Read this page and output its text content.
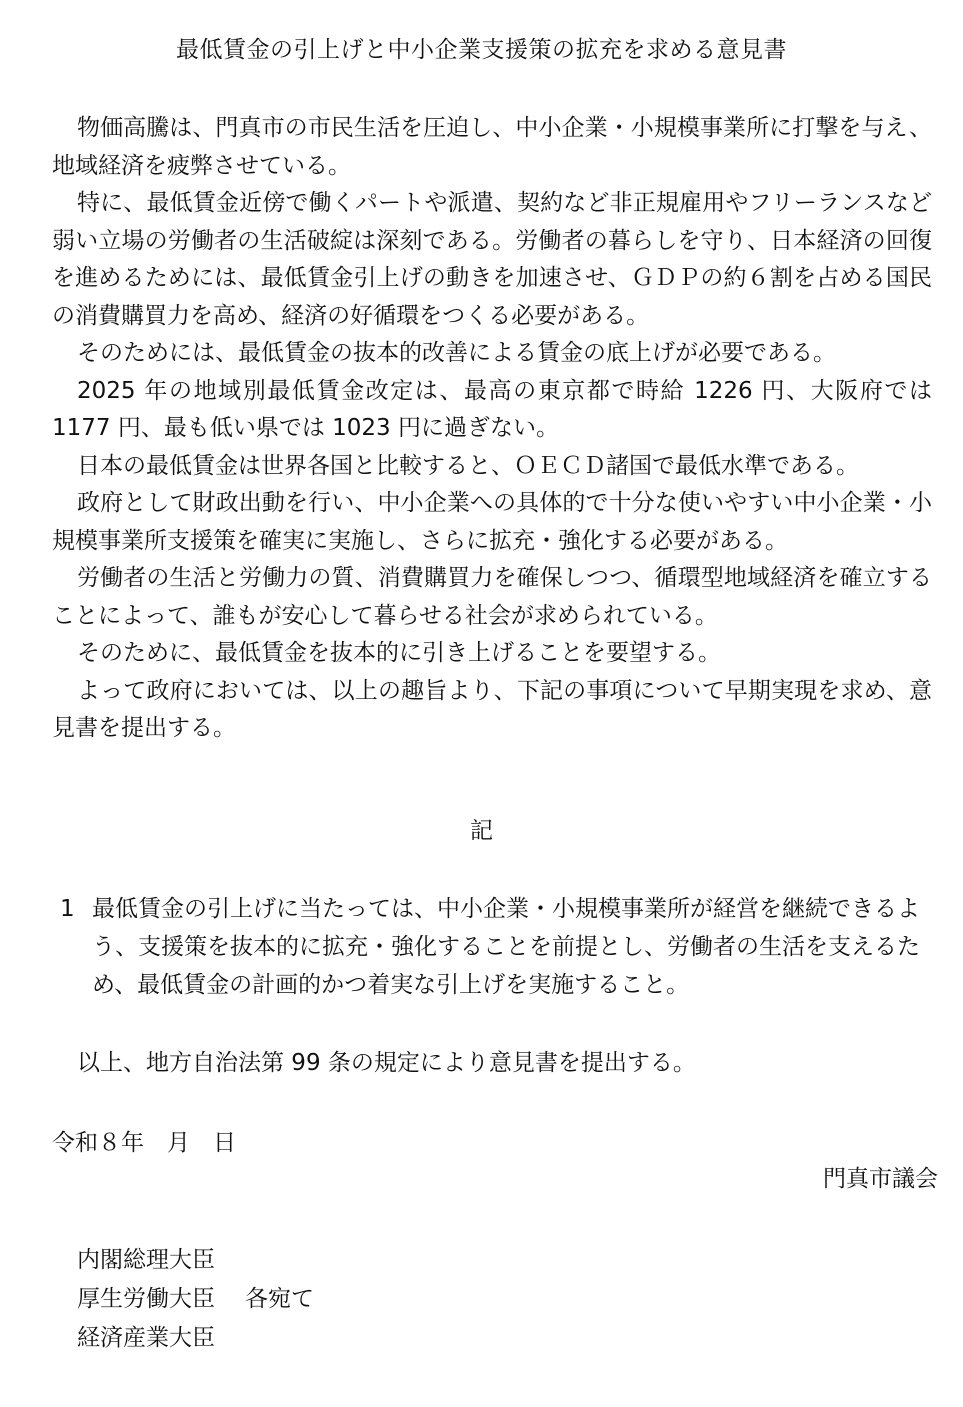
最低賃金の引上げと中小企業支援策の拡充を求める意見書

物価高騰は、門真市の市民生活を圧迫し、中小企業・小規模事業所に打撃を与え、地域経済を疲弊させている。

特に、最低賃金近傍で働くパートや派遣、契約など非正規雇用やフリーランスなど弱い立場の労働者の生活破綻は深刻である。労働者の暮らしを守り、日本経済の回復を進めるためには、最低賃金引上げの動きを加速させ、ＧＤＰの約６割を占める国民の消費購買力を高め、経済の好循環をつくる必要がある。

そのためには、最低賃金の抜本的改善による賃金の底上げが必要である。

2025 年の地域別最低賃金改定は、最高の東京都で時給 1226 円、大阪府では 1177 円、最も低い県では 1023 円に過ぎない。

日本の最低賃金は世界各国と比較すると、ＯＥＣＤ諸国で最低水準である。

政府として財政出動を行い、中小企業への具体的で十分な使いやすい中小企業・小規模事業所支援策を確実に実施し、さらに拡充・強化する必要がある。

労働者の生活と労働力の質、消費購買力を確保しつつ、循環型地域経済を確立することによって、誰もが安心して暮らせる社会が求められている。

そのために、最低賃金を抜本的に引き上げることを要望する。

よって政府においては、以上の趣旨より、下記の事項について早期実現を求め、意見書を提出する。

記
1 最低賃金の引上げに当たっては、中小企業・小規模事業所が経営を継続できるよう、支援策を抜本的に拡充・強化することを前提とし、労働者の生活を支えるため、最低賃金の計画的かつ着実な引上げを実施すること。
以上、地方自治法第 99 条の規定により意見書を提出する。
令和８年　月　日
門真市議会
内閣総理大臣
厚生労働大臣	各宛て
経済産業大臣
